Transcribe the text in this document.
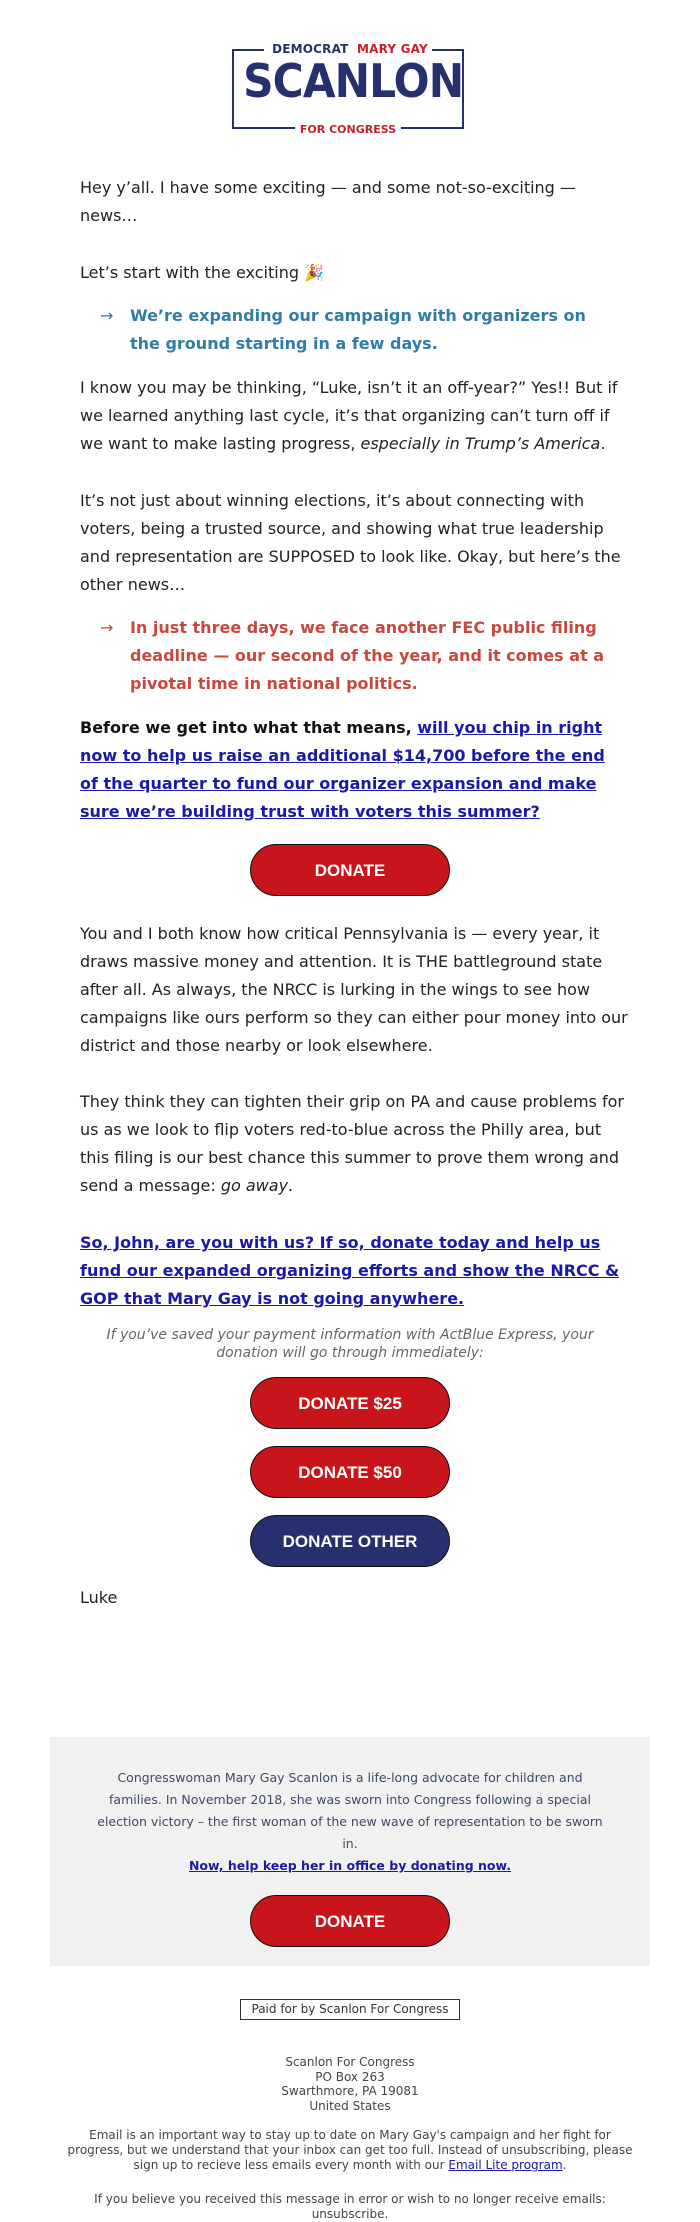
DEMOCRAT MARY GAY
SCANLON
FOR CONGRESS

Hey y’all. I have some exciting — and some not-so-exciting — news…

Let’s start with the exciting 🎉

→ We’re expanding our campaign with organizers on the ground starting in a few days.

I know you may be thinking, “Luke, isn’t it an off-year?” Yes!! But if we learned anything last cycle, it’s that organizing can’t turn off if we want to make lasting progress, especially in Trump’s America.

It’s not just about winning elections, it’s about connecting with voters, being a trusted source, and showing what true leadership and representation are SUPPOSED to look like. Okay, but here’s the other news…

→ In just three days, we face another FEC public filing deadline — our second of the year, and it comes at a pivotal time in national politics.

Before we get into what that means, will you chip in right now to help us raise an additional $14,700 before the end of the quarter to fund our organizer expansion and make sure we’re building trust with voters this summer?

DONATE

You and I both know how critical Pennsylvania is — every year, it draws massive money and attention. It is THE battleground state after all. As always, the NRCC is lurking in the wings to see how campaigns like ours perform so they can either pour money into our district and those nearby or look elsewhere.

They think they can tighten their grip on PA and cause problems for us as we look to flip voters red-to-blue across the Philly area, but this filing is our best chance this summer to prove them wrong and send a message: go away.

So, John, are you with us? If so, donate today and help us fund our expanded organizing efforts and show the NRCC & GOP that Mary Gay is not going anywhere.

If you’ve saved your payment information with ActBlue Express, your donation will go through immediately:
DONATE $25
DONATE $50
DONATE OTHER

Luke

Congresswoman Mary Gay Scanlon is a life-long advocate for children and families. In November 2018, she was sworn into Congress following a special election victory – the first woman of the new wave of representation to be sworn in.
Now, help keep her in office by donating now.
DONATE
Paid for by Scanlon For Congress
Scanlon For Congress
PO Box 263
Swarthmore, PA 19081
United States
Email is an important way to stay up to date on Mary Gay's campaign and her fight for progress, but we understand that your inbox can get too full. Instead of unsubscribing, please sign up to recieve less emails every month with our Email Lite program.
If you believe you received this message in error or wish to no longer receive emails:
unsubscribe.
